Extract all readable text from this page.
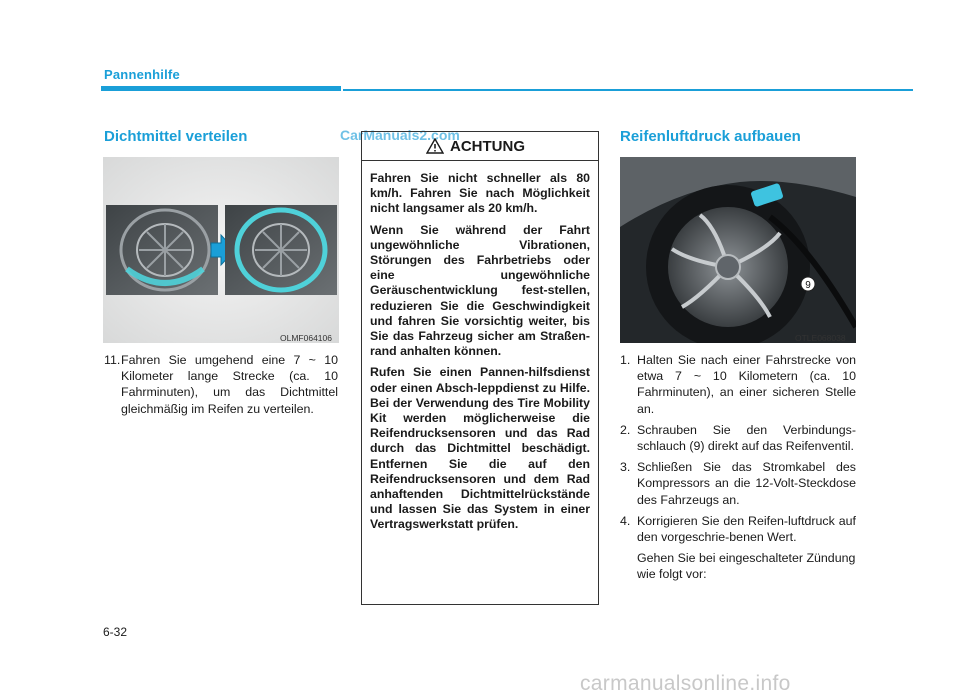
Pannenhilfe
Dichtmittel verteilen
OLMF064106
11. Fahren Sie umgehend eine 7 ~ 10 Kilometer lange Strecke (ca. 10 Fahrminuten), um das Dichtmittel gleichmäßig im Reifen zu verteilen.
CarManuals2.com
ACHTUNG

Fahren Sie nicht schneller als 80 km/h. Fahren Sie nach Möglichkeit nicht langsamer als 20 km/h.

Wenn Sie während der Fahrt ungewöhnliche Vibrationen, Störungen des Fahrbetriebs oder eine ungewöhnliche Geräuschentwicklung fest-stellen, reduzieren Sie die Geschwindigkeit und fahren Sie vorsichtig weiter, bis Sie das Fahrzeug sicher am Straßen-rand anhalten können.

Rufen Sie einen Pannen-hilfsdienst oder einen Absch-leppdienst zu Hilfe. Bei der Verwendung des Tire Mobility Kit werden möglicherweise die Reifendrucksensoren und das Rad durch das Dichtmittel beschädigt. Entfernen Sie die auf den Reifendrucksensoren und dem Rad anhaftenden Dichtmittelrückstände und lassen Sie das System in einer Vertragswerkstatt prüfen.

Reifenluftdruck aufbauen
9
OTLE068038
1. Halten Sie nach einer Fahrstrecke von etwa 7 ~ 10 Kilometern (ca. 10 Fahrminuten), an einer sicheren Stelle an.
2. Schrauben Sie den Verbindungs-schlauch (9) direkt auf das Reifenventil.
3. Schließen Sie das Stromkabel des Kompressors an die 12-Volt-Steckdose des Fahrzeugs an.
4. Korrigieren Sie den Reifen-luftdruck auf den vorgeschrie-benen Wert.
Gehen Sie bei eingeschalteter Zündung wie folgt vor:
6-32
carmanualsonline.info
